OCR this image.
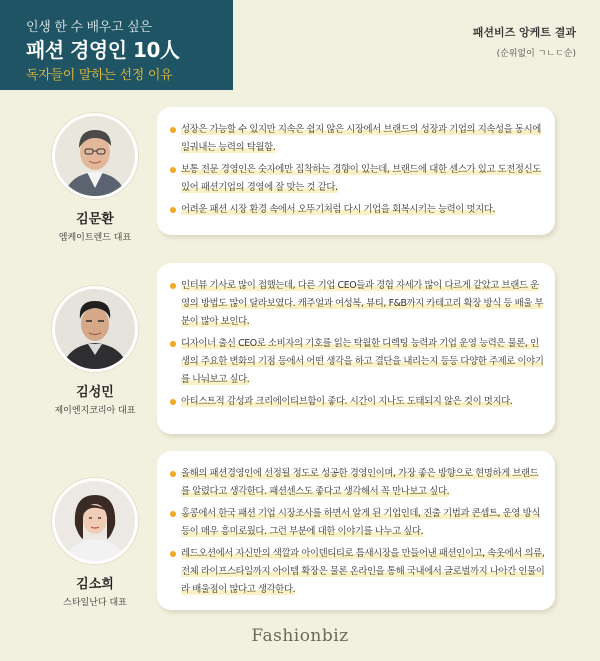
인생 한 수 배우고 싶은
패션 경영인 10人
독자들이 말하는 선정 이유
패션비즈 앙케트 결과
(순위없이 ㄱㄴㄷ순)
김문환
엠케이트렌드 대표
성장은 가능할 수 있지만 지속은 쉽지 않은 시장에서 브랜드의 성장과 기업의 지속성을 동시에 일궈내는 능력의 탁월함.
보통 전문 경영인은 숫자에만 집착하는 경향이 있는데, 브랜드에 대한 센스가 있고 도전정신도 있어 패션기업의 경영에 잘 맞는 것 같다.
어려운 패션 시장 환경 속에서 오뚜기처럼 다시 기업을 회복시키는 능력이 멋지다.
김성민
제이엔지코리아 대표
인터뷰 기사로 많이 접했는데, 다른 기업 CEO들과 경험 자세가 많이 다르게 같았고 브랜드 운영의 방법도 많이 달라보였다. 캐주얼과 여성복, 뷰티, F&B까지 카테고리 확장 방식 등 배울 부분이 많아 보인다.
디자이너 출신 CEO로 소비자의 기호를 읽는 탁월한 디렉팅 능력과 기업 운영 능력은 물론, 인생의 주요한 변화의 기점 등에서 어떤 생각을 하고 결단을 내리는지 등등 다양한 주제로 이야기를 나눠보고 싶다.
아티스트적 감성과 크리에이티브함이 좋다. 시간이 지나도 도태되지 않은 것이 멋지다.
김소희
스타일난다 대표
올해의 패션경영인에 선정될 정도로 성공한 경영인이며, 가장 좋은 방향으로 현명하게 브랜드를 알렸다고 생각한다. 패션센스도 좋다고 생각해서 꼭 만나보고 싶다.
홍콩에서 한국 패션 기업 시장조사를 하면서 알게 된 기업인데, 진출 기법과 콘셉트, 운영 방식 등이 매우 흥미로웠다. 그런 부분에 대한 이야기를 나누고 싶다.
레드오션에서 자신만의 색깔과 아이덴티티로 틈새시장을 만들어낸 패션인이고, 속옷에서 의류, 전체 라이프스타일까지 아이템 확장은 물론 온라인을 통해 국내에서 글로벌까지 나아간 인물이라 배울점이 많다고 생각한다.
Fashionbiz
